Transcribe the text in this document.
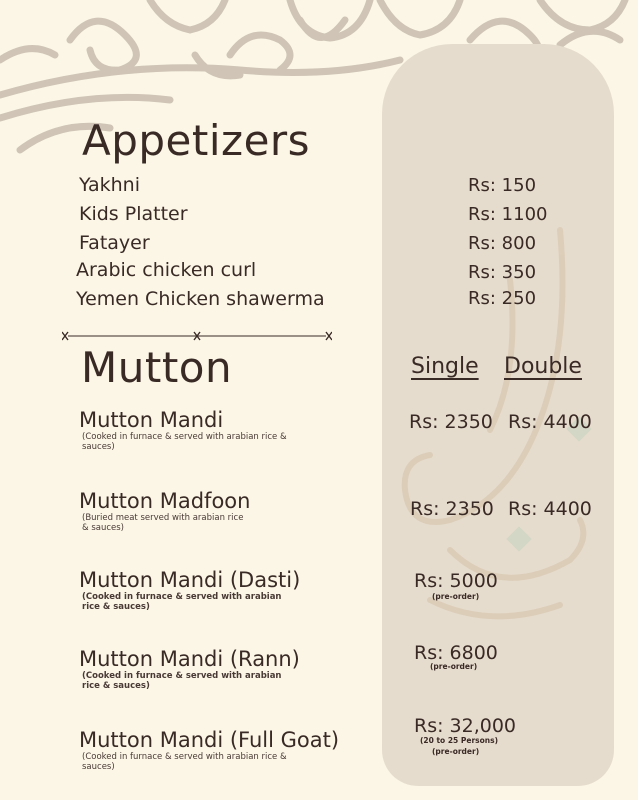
Appetizers
Yakhni
Kids Platter
Fatayer
Arabic chicken curl
Yemen Chicken shawerma
Rs: 150
Rs: 1100
Rs: 800
Rs: 350
Rs: 250
Mutton	Single Double
Mutton Mandi
(Cooked in furnace & served with arabian rice & sauces)
Rs: 2350 Rs: 4400
Mutton Madfoon
(Buried meat served with arabian rice & sauces)
Rs: 2350 Rs: 4400
Mutton Mandi (Dasti)
(Cooked in furnace & served with arabian rice & sauces)
Rs: 5000
(pre-order)
Mutton Mandi (Rann)
(Cooked in furnace & served with arabian rice & sauces)
Rs: 6800
(pre-order)
Mutton Mandi (Full Goat)
(Cooked in furnace & served with arabian rice & sauces)
Rs: 32,000
(20 to 25 Persons)
(pre-order)
